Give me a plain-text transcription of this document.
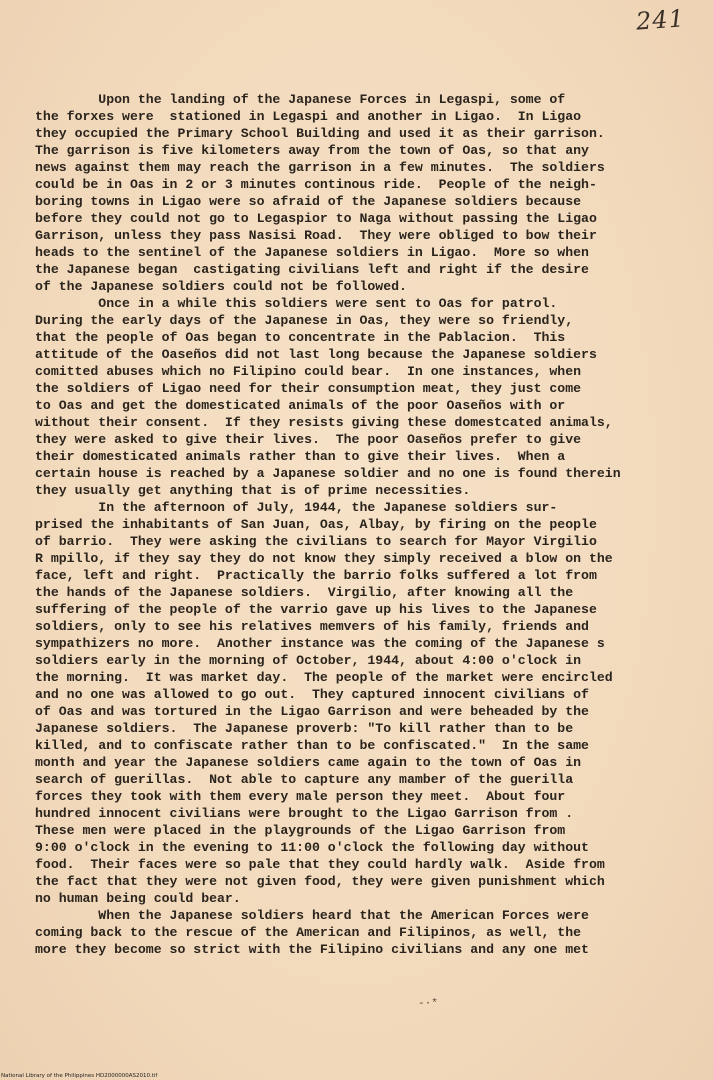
241
Upon the landing of the Japanese Forces in Legaspi, some of
the forxes were  stationed in Legaspi and another in Ligao.  In Ligao
they occupied the Primary School Building and used it as their garrison.
The garrison is five kilometers away from the town of Oas, so that any
news against them may reach the garrison in a few minutes.  The soldiers
could be in Oas in 2 or 3 minutes continous ride.  People of the neigh-
boring towns in Ligao were so afraid of the Japanese soldiers because
before they could not go to Legaspior to Naga without passing the Ligao
Garrison, unless they pass Nasisi Road.  They were obliged to bow their
heads to the sentinel of the Japanese soldiers in Ligao.  More so when
the Japanese began  castigating civilians left and right if the desire
of the Japanese soldiers could not be followed.
Once in a while this soldiers were sent to Oas for patrol.
During the early days of the Japanese in Oas, they were so friendly,
that the people of Oas began to concentrate in the Pablacion.  This
attitude of the Oaseños did not last long because the Japanese soldiers
comitted abuses which no Filipino could bear.  In one instances, when
the soldiers of Ligao need for their consumption meat, they just come
to Oas and get the domesticated animals of the poor Oaseños with or
without their consent.  If they resists giving these domestcated animals,
they were asked to give their lives.  The poor Oaseños prefer to give
their domesticated animals rather than to give their lives.  When a
certain house is reached by a Japanese soldier and no one is found therein
they usually get anything that is of prime necessities.
In the afternoon of July, 1944, the Japanese soldiers sur-
prised the inhabitants of San Juan, Oas, Albay, by firing on the people
of barrio.  They were asking the civilians to search for Mayor Virgilio
R mpillo, if they say they do not know they simply received a blow on the
face, left and right.  Practically the barrio folks suffered a lot from
the hands of the Japanese soldiers.  Virgilio, after knowing all the
suffering of the people of the varrio gave up his lives to the Japanese
soldiers, only to see his relatives memvers of his family, friends and
sympathizers no more.  Another instance was the coming of the Japanese s
soldiers early in the morning of October, 1944, about 4:00 o'clock in
the morning.  It was market day.  The people of the market were encircled
and no one was allowed to go out.  They captured innocent civilians of
of Oas and was tortured in the Ligao Garrison and were beheaded by the
Japanese soldiers.  The Japanese proverb: "To kill rather than to be
killed, and to confiscate rather than to be confiscated."  In the same
month and year the Japanese soldiers came again to the town of Oas in
search of guerillas.  Not able to capture any mamber of the guerilla
forces they took with them every male person they meet.  About four
hundred innocent civilians were brought to the Ligao Garrison from .
These men were placed in the playgrounds of the Ligao Garrison from
9:00 o'clock in the evening to 11:00 o'clock the following day without
food.  Their faces were so pale that they could hardly walk.  Aside from
the fact that they were not given food, they were given punishment which
no human being could bear.
When the Japanese soldiers heard that the American Forces were
coming back to the rescue of the American and Filipinos, as well, the
more they become so strict with the Filipino civilians and any one met
-·*
National Library of the Philippines HD2000000AS2010.tif
